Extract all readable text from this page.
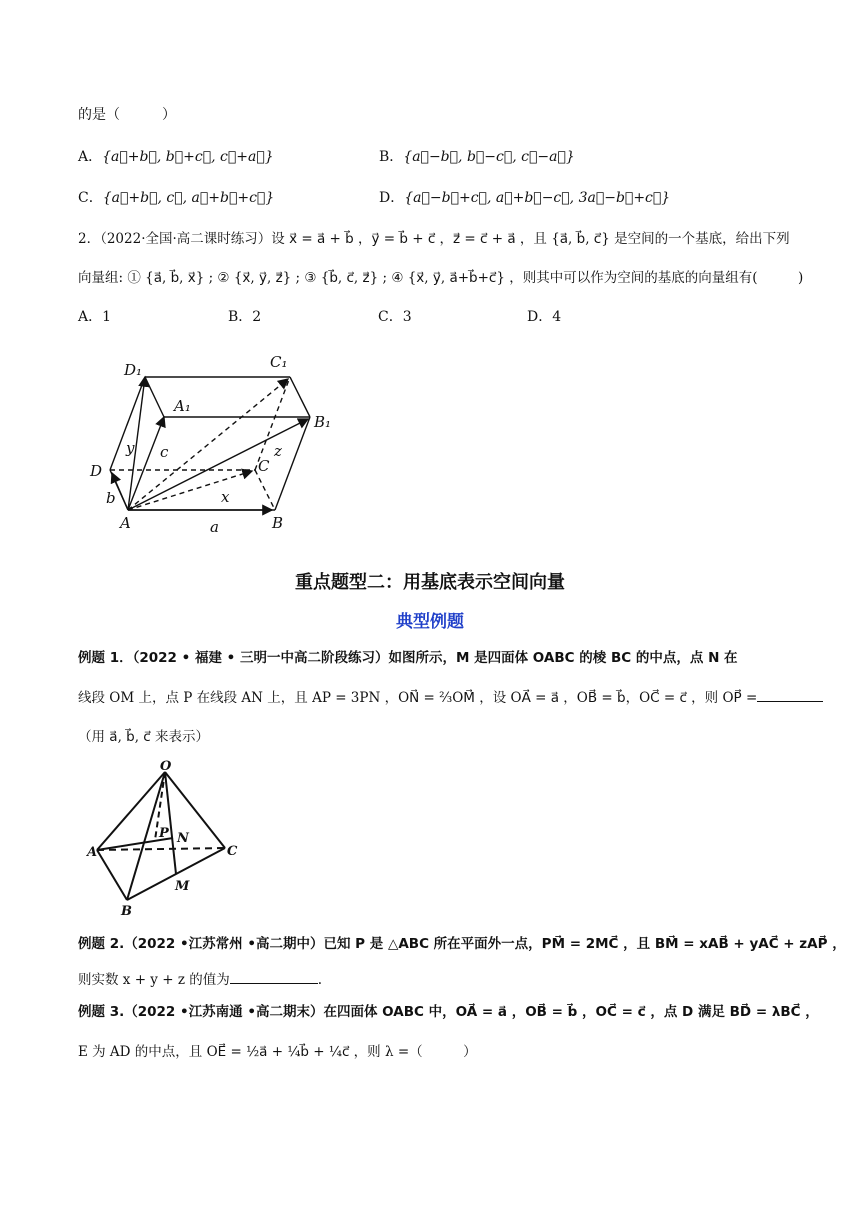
的是（　　　）
A．{a⃗+b⃗, b⃗+c⃗, c⃗+a⃗}	B．{a⃗−b⃗, b⃗−c⃗, c⃗−a⃗}
C．{a⃗+b⃗, c⃗, a⃗+b⃗+c⃗}	D．{a⃗−b⃗+c⃗, a⃗+b⃗−c⃗, 3a⃗−b⃗+c⃗}
2．（2022·全国·高二课时练习）设 x⃗ = a⃗ + b⃗ ，y⃗ = b⃗ + c⃗ ，z⃗ = c⃗ + a⃗ ，且 {a⃗, b⃗, c⃗} 是空间的一个基底，给出下列
向量组: ① {a⃗, b⃗, x⃗} ; ② {x⃗, y⃗, z⃗} ; ③ {b⃗, c⃗, z⃗} ; ④ {x⃗, y⃗, a⃗+b⃗+c⃗} ，则其中可以作为空间的基底的向量组有(　　　)
A．1	B．2	C．3	D．4
D₁	C₁
A₁
B₁
D	C
A	B
a
b
c
x
y	z
重点题型二：用基底表示空间向量
典型例题
例题 1．（2022 • 福建 • 三明一中高二阶段练习）如图所示，M 是四面体 OABC 的棱 BC 的中点，点 N 在
线段 OM 上，点 P 在线段 AN 上，且 AP = 3PN ，ON⃗ = ⅔OM⃗ ，设 OA⃗ = a⃗ ，OB⃗ = b⃗，OC⃗ = c⃗ ，则 OP⃗ =
（用 a⃗, b⃗, c⃗ 来表示）
O
A
B
C
M
N
P
例题 2.（2022 •江苏常州 •高二期中）已知 P 是 △ABC 所在平面外一点，PM⃗ = 2MC⃗ ，且 BM⃗ = xAB⃗ + yAC⃗ + zAP⃗ ，
则实数 x + y + z 的值为	.
例题 3.（2022 •江苏南通 •高二期末）在四面体 OABC 中，OA⃗ = a⃗ ，OB⃗ = b⃗ ，OC⃗ = c⃗ ，点 D 满足 BD⃗ = λBC⃗ ，
E 为 AD 的中点，且 OE⃗ = ½a⃗ + ¼b⃗ + ¼c⃗ ，则 λ =（　　　）
